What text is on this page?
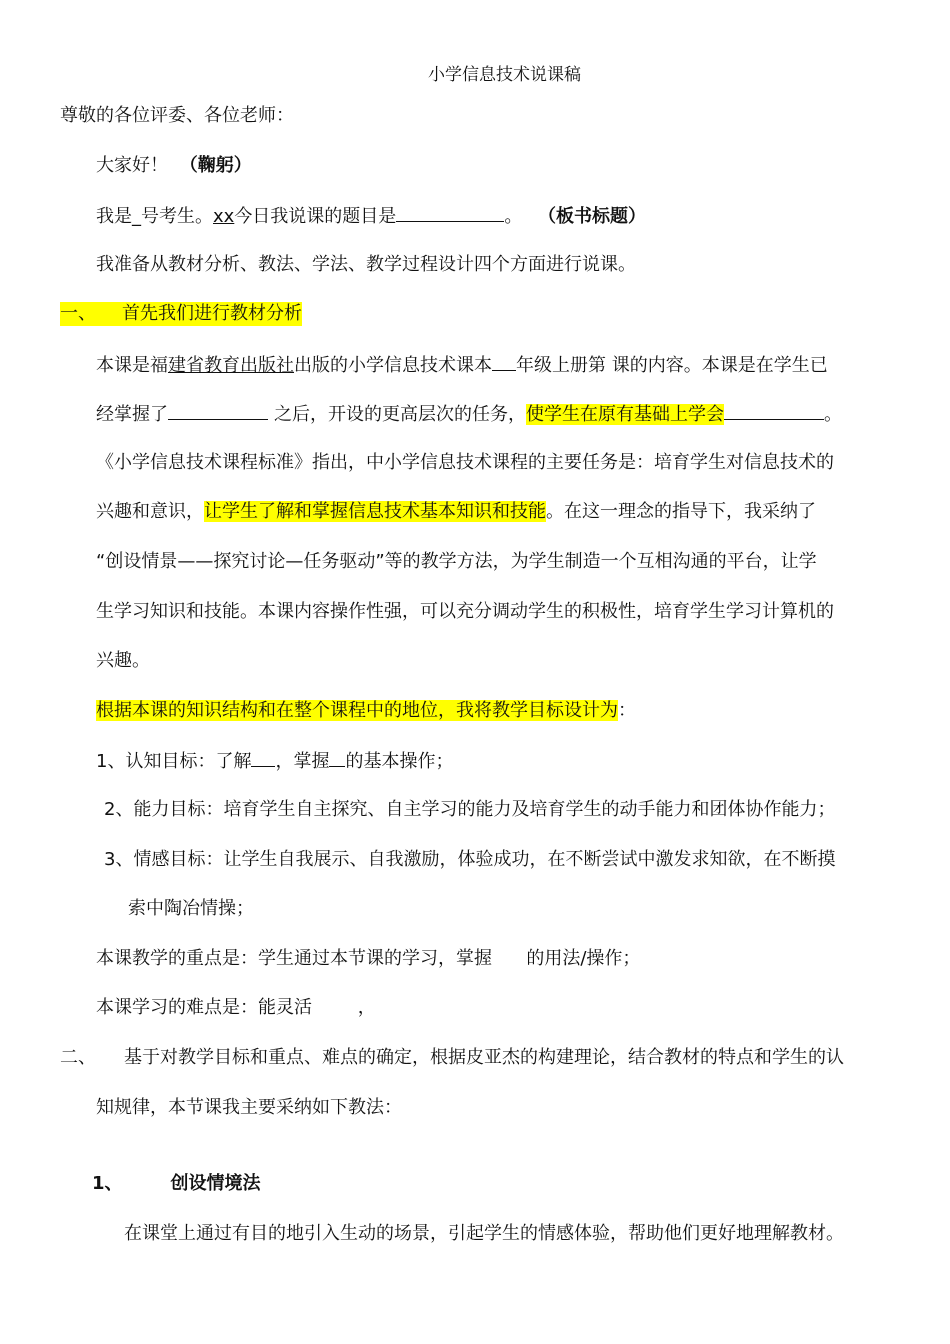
小学信息技术说课稿
尊敬的各位评委、各位老师：
大家好！ （鞠躬）
我是_号考生。xx今日我说课的题目是	。 （板书标题）
我准备从教材分析、教法、学法、教学过程设计四个方面进行说课。
一、 首先我们进行教材分析
本课是福建省教育出版社出版的小学信息技术课本 年级上册第 课的内容。本课是在学生已
经掌握了	之后，开设的更高层次的任务，使学生在原有基础上学会	。
《小学信息技术课程标准》指出，中小学信息技术课程的主要任务是：培育学生对信息技术的
兴趣和意识，让学生了解和掌握信息技术基本知识和技能。在这一理念的指导下，我采纳了
“创设情景——探究讨论—任务驱动”等的教学方法，为学生制造一个互相沟通的平台，让学
生学习知识和技能。本课内容操作性强，可以充分调动学生的积极性，培育学生学习计算机的
兴趣。
根据本课的知识结构和在整个课程中的地位，我将教学目标设计为：
1、认知目标：了解 ，掌握 的基本操作；
2、能力目标：培育学生自主探究、自主学习的能力及培育学生的动手能力和团体协作能力；
3、情感目标：让学生自我展示、自我激励，体验成功，在不断尝试中激发求知欲，在不断摸
索中陶冶情操；
本课教学的重点是：学生通过本节课的学习，掌握      的用法/操作；
本课学习的难点是：能灵活        ，
二、 基于对教学目标和重点、难点的确定，根据皮亚杰的构建理论，结合教材的特点和学生的认
知规律，本节课我主要采纳如下教法：
1、	创设情境法
在课堂上通过有目的地引入生动的场景，引起学生的情感体验，帮助他们更好地理解教材。
